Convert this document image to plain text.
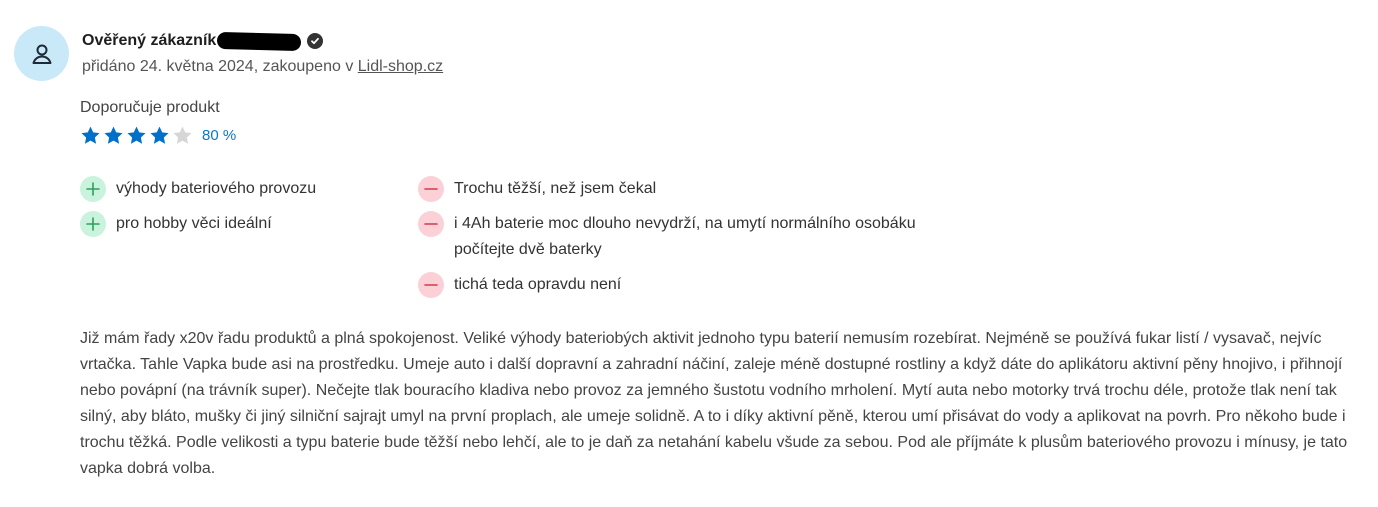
Ověřený zákazník
přidáno 24. května 2024, zakoupeno v Lidl-shop.cz
Doporučuje produkt
80 %
výhody bateriového provozu
pro hobby věci ideální
Trochu těžší, než jsem čekal
i 4Ah baterie moc dlouho nevydrží, na umytí normálního osobáku počítejte dvě baterky
tichá teda opravdu není

Již mám řady x20v řadu produktů a plná spokojenost. Veliké výhody bateriobých aktivit jednoho typu baterií nemusím rozebírat. Nejméně se používá fukar listí / vysavač, nejvíc vrtačka. Tahle Vapka bude asi na prostředku. Umeje auto i další dopravní a zahradní náčiní, zaleje méně dostupné rostliny a když dáte do aplikátoru aktivní pěny hnojivo, i přihnojí nebo povápní (na trávník super). Nečejte tlak bouracího kladiva nebo provoz za jemného šustotu vodního mrholení. Mytí auta nebo motorky trvá trochu déle, protože tlak není tak silný, aby bláto, mušky či jiný silniční sajrajt umyl na první proplach, ale umeje solidně. A to i díky aktivní pěně, kterou umí přisávat do vody a aplikovat na povrh. Pro někoho bude i trochu těžká. Podle velikosti a typu baterie bude těžší nebo lehčí, ale to je daň za netahání kabelu všude za sebou. Pod ale příjmáte k plusům bateriového provozu i mínusy, je tato vapka dobrá volba.
